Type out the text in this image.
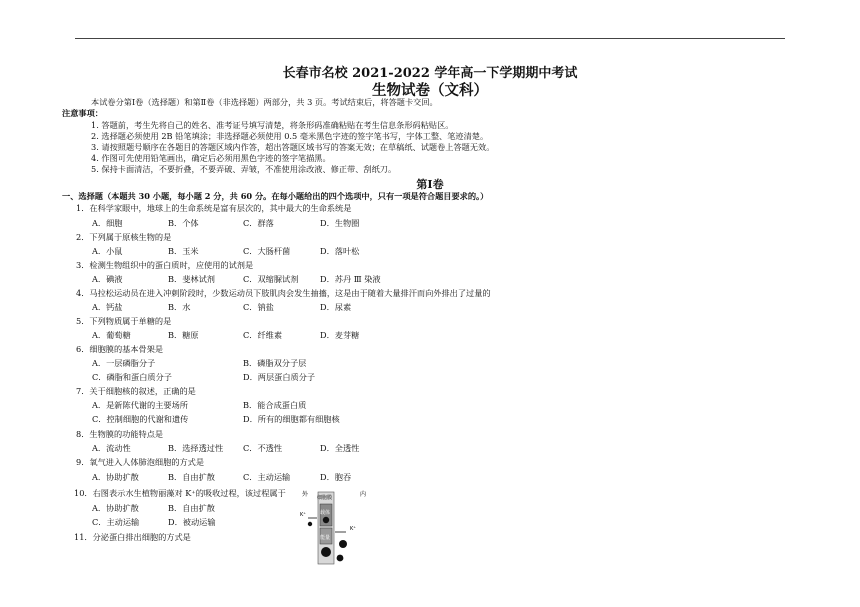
长春市名校 2021-2022 学年高一下学期期中考试
生物试卷（文科）
本试卷分第Ⅰ卷（选择题）和第Ⅱ卷（非选择题）两部分，共 3 页。考试结束后，将答题卡交回。
注意事项：
1. 答题前，考生先将自己的姓名、准考证号填写清楚，将条形码准确粘贴在考生信息条形码粘贴区。
2. 选择题必须使用 2B 铅笔填涂；非选择题必须使用 0.5 毫米黑色字迹的签字笔书写，字体工整、笔迹清楚。
3. 请按照题号顺序在各题目的答题区域内作答，超出答题区域书写的答案无效；在草稿纸、试题卷上答题无效。
4. 作图可先使用铅笔画出，确定后必须用黑色字迹的签字笔描黑。
5. 保持卡面清洁，不要折叠，不要弄破、弄皱，不准使用涂改液、修正带、刮纸刀。
第Ⅰ卷
一、选择题（本题共 30 小题，每小题 2 分，共 60 分。在每小题给出的四个选项中，只有一项是符合题目要求的。）
1．在科学家眼中，地球上的生命系统是富有层次的，其中最大的生命系统是
A．细胞	B．个体	C．群落	D．生物圈
2．下列属于原核生物的是
A．小鼠	B．玉米	C．大肠杆菌	D．落叶松
3．检测生物组织中的蛋白质时，应使用的试剂是
A．碘液	B．斐林试剂	C．双缩脲试剂	D．苏丹 Ⅲ 染液
4．马拉松运动员在进入冲刺阶段时，少数运动员下肢肌肉会发生抽搐，这是由于随着大量排汗而向外排出了过量的
A．钙盐	B．水	C．钠盐	D．尿素
5．下列物质属于单糖的是
A．葡萄糖	B．糖原	C．纤维素	D．麦芽糖
6．细胞膜的基本骨架是
A．一层磷脂分子	B．磷脂双分子层
C．磷脂和蛋白质分子	D．两层蛋白质分子
7．关于细胞核的叙述，正确的是
A．是新陈代谢的主要场所	B．能合成蛋白质
C．控制细胞的代谢和遗传	D．所有的细胞都有细胞核
8．生物膜的功能特点是
A．流动性	B．选择透过性 C．不透性	D．全透性
9．氧气进入人体肺泡细胞的方式是
A．协助扩散	B．自由扩散	C．主动运输	D．胞吞
10．右图表示水生植物丽藻对 K⁺的吸收过程，该过程属于
A．协助扩散	B．自由扩散
C．主动运输	D．被动运输
11．分泌蛋白排出细胞的方式是
外 细胞膜
载体
能量
内
K⁺
K⁺
